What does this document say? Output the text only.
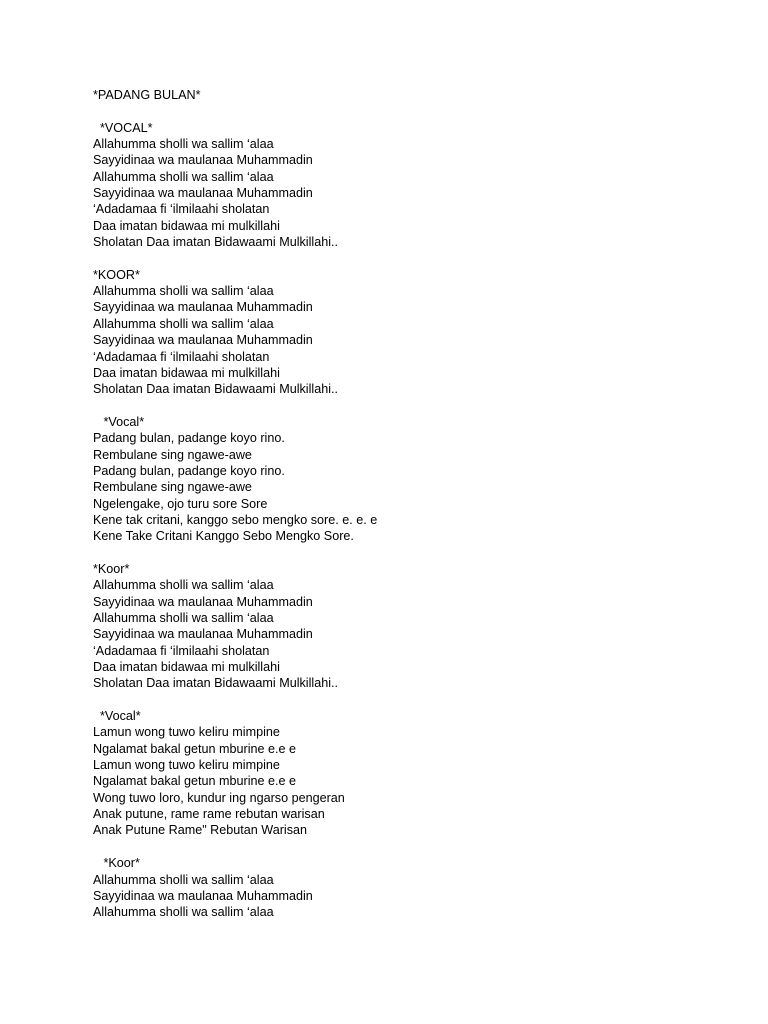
*PADANG BULAN*
*VOCAL*
Allahumma sholli wa sallim ‘alaa
Sayyidinaa wa maulanaa Muhammadin
Allahumma sholli wa sallim ‘alaa
Sayyidinaa wa maulanaa Muhammadin
‘Adadamaa fi ‘ilmilaahi sholatan
Daa imatan bidawaa mi mulkillahi
Sholatan Daa imatan Bidawaami Mulkillahi..
*KOOR*
Allahumma sholli wa sallim ‘alaa
Sayyidinaa wa maulanaa Muhammadin
Allahumma sholli wa sallim ‘alaa
Sayyidinaa wa maulanaa Muhammadin
‘Adadamaa fi ‘ilmilaahi sholatan
Daa imatan bidawaa mi mulkillahi
Sholatan Daa imatan Bidawaami Mulkillahi..
*Vocal*
Padang bulan, padange koyo rino.
Rembulane sing ngawe-awe
Padang bulan, padange koyo rino.
Rembulane sing ngawe-awe
Ngelengake, ojo turu sore Sore
Kene tak critani, kanggo sebo mengko sore. e. e. e
Kene Take Critani Kanggo Sebo Mengko Sore.
*Koor*
Allahumma sholli wa sallim ‘alaa
Sayyidinaa wa maulanaa Muhammadin
Allahumma sholli wa sallim ‘alaa
Sayyidinaa wa maulanaa Muhammadin
‘Adadamaa fi ‘ilmilaahi sholatan
Daa imatan bidawaa mi mulkillahi
Sholatan Daa imatan Bidawaami Mulkillahi..
*Vocal*
Lamun wong tuwo keliru mimpine
Ngalamat bakal getun mburine e.e e
Lamun wong tuwo keliru mimpine
Ngalamat bakal getun mburine e.e e
Wong tuwo loro, kundur ing ngarso pengeran
Anak putune, rame rame rebutan warisan
Anak Putune Rame" Rebutan Warisan
*Koor*
Allahumma sholli wa sallim ‘alaa
Sayyidinaa wa maulanaa Muhammadin
Allahumma sholli wa sallim ‘alaa
